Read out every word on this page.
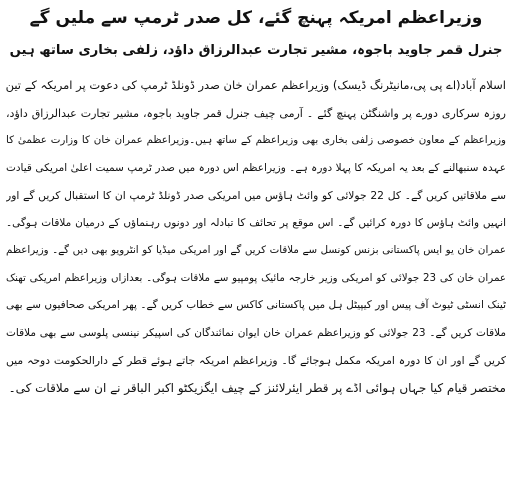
وزیراعظم امریکہ پہنچ گئے، کل صدر ٹرمپ سے ملیں گے
جنرل قمر جاوید باجوہ، مشیر تجارت عبدالرزاق داؤد، زلفی بخاری ساتھ ہیں
اسلام آباد(اے پی پی،مانیٹرنگ ڈیسک) وزیراعظم عمران خان صدر ڈونلڈ ٹرمپ کی دعوت پر امریکہ کے تین
روزہ سرکاری دورے پر واشنگٹن پہنچ گئے ۔ آرمی چیف جنرل قمر جاوید باجوہ، مشیر تجارت عبدالرزاق داؤد،
وزیراعظم کے معاون خصوصی زلفی بخاری بھی وزیراعظم کے ساتھ ہیں۔وزیراعظم عمران خان کا وزارت عظمیٰ کا
عہدہ سنبھالنے کے بعد یہ امریکہ کا پہلا دورہ ہے۔ وزیراعظم اس دورہ میں صدر ٹرمپ سمیت اعلیٰ امریکی قیادت
سے ملاقاتیں کریں گے۔ کل 22 جولائی کو وائٹ ہاؤس میں امریکی صدر ڈونلڈ ٹرمپ ان کا استقبال کریں گے اور
انہیں وائٹ ہاؤس کا دورہ کرائیں گے۔ اس موقع پر تحائف کا تبادلہ اور دونوں رہنماؤں کے درمیان ملاقات ہوگی۔
عمران خان یو ایس پاکستانی بزنس کونسل سے ملاقات کریں گے اور امریکی میڈیا کو انٹرویو بھی دیں گے۔ وزیراعظم
عمران خان کی 23 جولائی کو امریکی وزیر خارجہ مائیک پومپیو سے ملاقات ہوگی۔ بعدازاں وزیراعظم امریکی تھنک
ٹینک انسٹی ٹیوٹ آف پیس اور کیپیٹل ہل میں پاکستانی کاکس سے خطاب کریں گے۔ پھر امریکی صحافیوں سے بھی
ملاقات کریں گے۔ 23 جولائی کو وزیراعظم عمران خان ایوان نمائندگان کی اسپیکر نینسی پلوسی سے بھی ملاقات
کریں گے اور ان کا دورہ امریکہ مکمل ہوجائے گا۔ وزیراعظم امریکہ جاتے ہوئے قطر کے دارالحکومت دوحہ میں
مختصر قیام کیا جہاں ہوائی اڈے پر قطر ایئرلائنز کے چیف ایگزیکٹو اکبر الباقر نے ان سے ملاقات کی۔
